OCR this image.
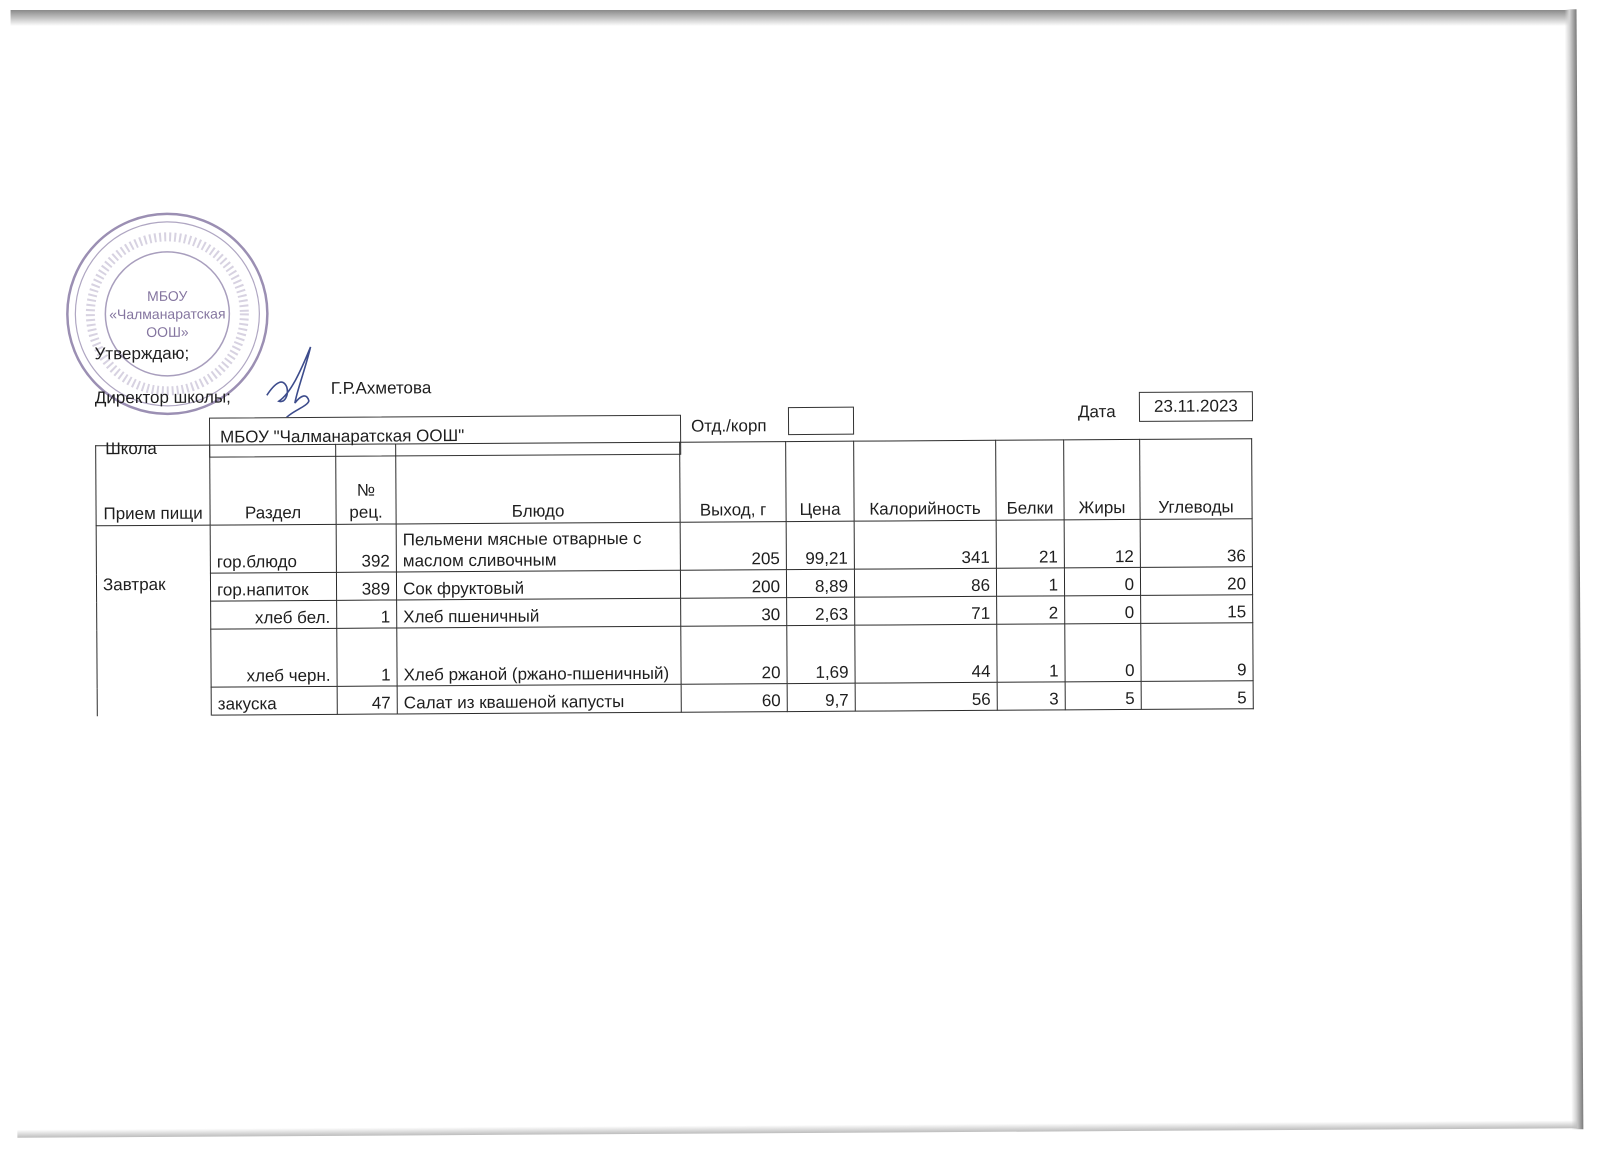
МБОУ
«Чалманаратская
ООШ»
Утверждаю;
Директор школы;	Г.Р.Ахметова
Школа
МБОУ "Чалманаратская ООШ"
Отд./корп
Дата	23.11.2023
Прием пищи	Раздел	№ рец.	Блюдо	Выход, г	Цена	Калорийность	Белки	Жиры	Углеводы

Завтрак	гор.блюдо	392	Пельмени мясные отварные с маслом сливочным	205	99,21	341	21	12	36
	гор.напиток	389	Сок фруктовый	200	8,89	86	1	0	20
	хлеб бел.	1	Хлеб пшеничный	30	2,63	71	2	0	15
	хлеб черн.	1	Хлеб ржаной (ржано-пшеничный)	20	1,69	44	1	0	9
	закуска	47	Салат из квашеной капусты	60	9,7	56	3	5	5
